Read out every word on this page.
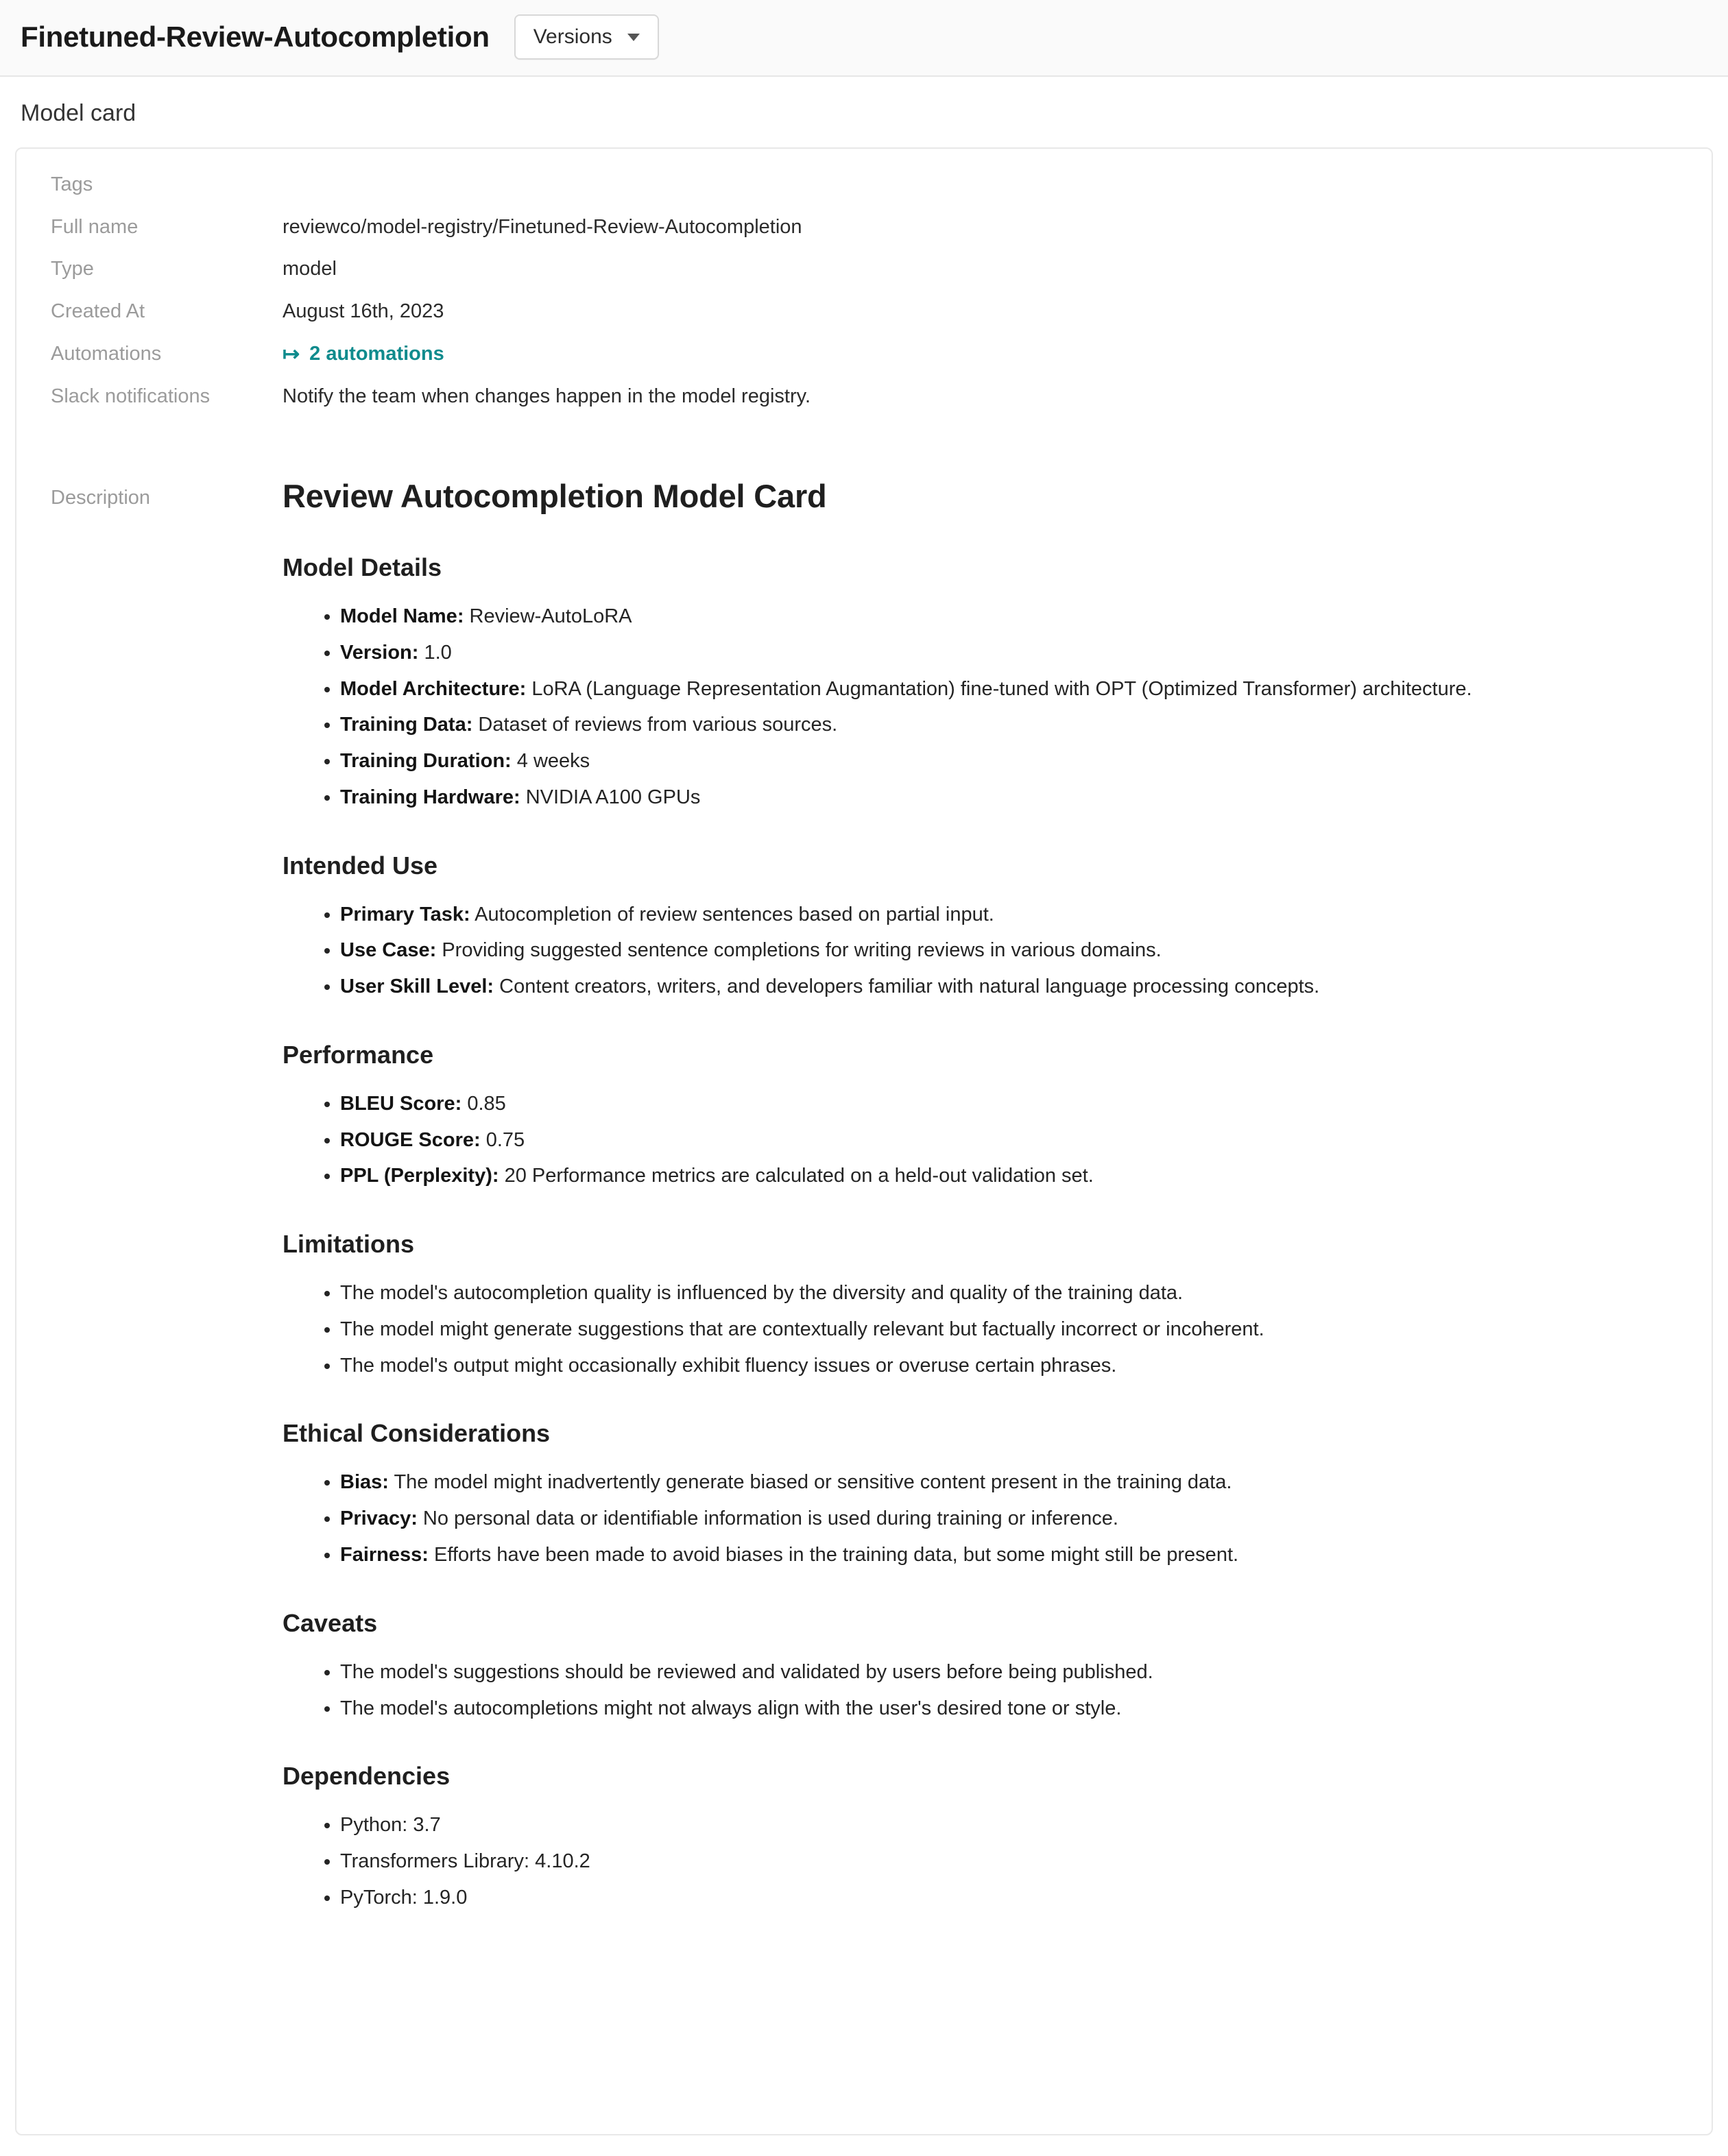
Finetuned-Review-Autocompletion Versions
Model card
Tags
Full name	reviewco/model-registry/Finetuned-Review-Autocompletion
Type	model
Created At	August 16th, 2023
Automations	↦ 2 automations
Slack notifications	Notify the team when changes happen in the model registry.
Description	Review Autocompletion Model Card
Model Details
• Model Name: Review-AutoLoRA
• Version: 1.0
• Model Architecture: LoRA (Language Representation Augmantation) fine-tuned with OPT (Optimized Transformer) architecture.
• Training Data: Dataset of reviews from various sources.
• Training Duration: 4 weeks
• Training Hardware: NVIDIA A100 GPUs
Intended Use
• Primary Task: Autocompletion of review sentences based on partial input.
• Use Case: Providing suggested sentence completions for writing reviews in various domains.
• User Skill Level: Content creators, writers, and developers familiar with natural language processing concepts.
Performance
• BLEU Score: 0.85
• ROUGE Score: 0.75
• PPL (Perplexity): 20 Performance metrics are calculated on a held-out validation set.
Limitations
• The model's autocompletion quality is influenced by the diversity and quality of the training data.
• The model might generate suggestions that are contextually relevant but factually incorrect or incoherent.
• The model's output might occasionally exhibit fluency issues or overuse certain phrases.
Ethical Considerations
• Bias: The model might inadvertently generate biased or sensitive content present in the training data.
• Privacy: No personal data or identifiable information is used during training or inference.
• Fairness: Efforts have been made to avoid biases in the training data, but some might still be present.
Caveats
• The model's suggestions should be reviewed and validated by users before being published.
• The model's autocompletions might not always align with the user's desired tone or style.
Dependencies
• Python: 3.7
• Transformers Library: 4.10.2
• PyTorch: 1.9.0
